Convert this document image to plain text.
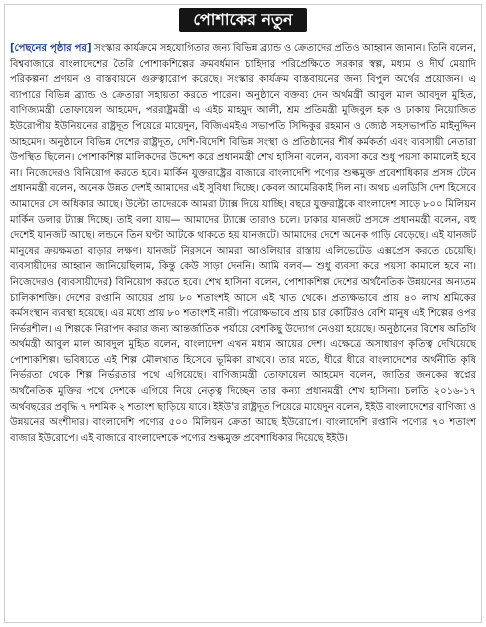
পোশাকের নতুন

[পেছনের পৃষ্ঠার পর] সংস্কার কার্যক্রমে সহযোগিতার জন্য বিভিন্ন ব্র্যান্ড ও ক্রেতাদের প্রতিও আহ্বান জানান। তিনি বলেন, বিশ্ববাজারে বাংলাদেশের তৈরি পোশাকশিল্পের ক্রমবর্ধমান চাহিদার পরিপ্রেক্ষিতে সরকার স্বল্প, মধ্যম ও দীর্ঘ মেয়াদি পরিকল্পনা প্রণয়ন ও বাস্তবায়নে গুরুত্বারোপ করেছে। সংস্কার কার্যক্রম বাস্তবায়নের জন্য বিপুল অর্থের প্রয়োজন। এ ব্যাপারে বিভিন্ন ব্র্যান্ড ও ক্রেতারা সহায়তা করতে পারেন। অনুষ্ঠানে বক্তব্য দেন অর্থমন্ত্রী আবুল মাল আবদুল মুহিত, বাণিজ্যমন্ত্রী তোফায়েল আহমেদ, পররাষ্ট্রমন্ত্রী এ এইচ মাহমুদ আলী, শ্রম প্রতিমন্ত্রী মুজিবুল হক ও ঢাকায় নিয়োজিত ইউরোপীয় ইউনিয়নের রাষ্ট্রদূত পিয়েরে মায়েদুন, বিজিএমইএ সভাপতি সিদ্দিকুর রহমান ও জ্যেষ্ঠ সহসভাপতি মাইনুদ্দিন আহমেদ। অনুষ্ঠানে বিভিন্ন দেশের রাষ্ট্রদূত, দেশি-বিদেশি বিভিন্ন সংস্থা ও প্রতিষ্ঠানের শীর্ষ কর্মকর্তা এবং ব্যবসায়ী নেতারা উপস্থিত ছিলেন। পোশাকশিল্প মালিকদের উদ্দেশ করে প্রধানমন্ত্রী শেখ হাসিনা বলেন, ব্যবসা করে শুধু পয়সা কামালেই হবে না। নিজেদেরও বিনিয়োগ করতে হবে। মার্কিন যুক্তরাষ্ট্রের বাজারে বাংলাদেশি পণ্যের শুল্কমুক্ত প্রবেশাধিকার প্রসঙ্গ টেনে প্রধানমন্ত্রী বলেন, অনেক উন্নত দেশই আমাদের এই সুবিধা দিচ্ছে। কেবল আমেরিকাই দিল না। অথচ এলডিসি দেশ হিসেবে আমাদের সে অধিকার আছে। উল্টো তাদেরকে আমরা ট্যাক্স দিয়ে যাচ্ছি। বছরে যুক্তরাষ্ট্রকে বাংলাদেশ সাড়ে ৮০০ মিলিয়ন মার্কিন ডলার ট্যাক্স দিচ্ছে। তাই বলা যায়— আমাদের ট্যাক্সে তারাও চলে। ঢাকার যানজট প্রসঙ্গে প্রধানমন্ত্রী বলেন, বহু দেশেই যানজট আছে। লন্ডনে তিন ঘণ্টা আটকে থাকতে হয় যানজটে। আমাদের দেশে অনেক গাড়ি বেড়েছে। এই যানজট মানুষের ক্রয়ক্ষমতা বাড়ার লক্ষণ। যানজট নিরসনে আমরা আওলিয়ার রাস্তায় এলিভেটেড এক্সপ্রেস করতে চেয়েছি। ব্যবসায়ীদের আহ্বান জানিয়েছিলাম, কিন্তু কেউ সাড়া দেননি। আমি বলব— শুধু ব্যবসা করে পয়সা কামালে হবে না। নিজেদেরও (ব্যবসায়ীদের) বিনিয়োগ করতে হবে। শেখ হাসিনা বলেন, পোশাকশিল্প দেশের অর্থনৈতিক উন্নয়নের অন্যতম চালিকাশক্তি। দেশের রপ্তানি আয়ের প্রায় ৮০ শতাংশই আসে এই খাত থেকে। প্রত্যক্ষভাবে প্রায় ৪০ লাখ শ্রমিকের কর্মসংস্থান ব্যবস্থা হয়েছে। এর মধ্যে প্রায় ৮০ শতাংশই নারী। পরোক্ষভাবে প্রায় চার কোটিরও বেশি মানুষ এই শিল্পের ওপর নির্ভরশীল। এ শিল্পকে নিরাপদ করার জন্য আন্তর্জাতিক পর্যায়ে বেশকিছু উদ্যোগ নেওয়া হয়েছে। অনুষ্ঠানের বিশেষ অতিথি অর্থমন্ত্রী আবুল মাল আবদুল মুহিত বলেন, বাংলাদেশ এখন মধ্যম আয়ের দেশ। এক্ষেত্রে অসাধারণ কৃতিত্ব দেখিয়েছে পোশাকশিল্প। ভবিষ্যতে এই শিল্প মৌলখাত হিসেবে ভূমিকা রাখবে। তার মতে, ধীরে ধীরে বাংলাদেশের অর্থনীতি কৃষি নির্ভরতা থেকে শিল্প নির্ভরতার পথে এগিয়েছে। বাণিজ্যমন্ত্রী তোফায়েল আহমেদ বলেন, জাতির জনকের স্বপ্নের অর্থনৈতিক মুক্তির পথে দেশকে এগিয়ে নিয়ে নেতৃত্ব দিচ্ছেন তার কন্যা প্রধানমন্ত্রী শেখ হাসিনা। চলতি ২০১৬-১৭ অর্থবছরের প্রবৃদ্ধি ৭ দশমিক ২ শতাংশ ছাড়িয়ে যাবে। ইইউ'র রাষ্ট্রদূত পিয়েরে মায়েদুন বলেন, ইইউ বাংলাদেশের বাণিজ্য ও উন্নয়নের অংশীদার। বাংলাদেশি পণ্যের ৫০০ মিলিয়ন ক্রেতা আছে ইউরোপে। বাংলাদেশি রপ্তানি পণ্যের ৭০ শতাংশ বাজার ইউরোপে। এই বাজারে বাংলাদেশকে পণ্যের শুল্কমুক্ত প্রবেশাধিকার দিয়েছে ইইউ।
